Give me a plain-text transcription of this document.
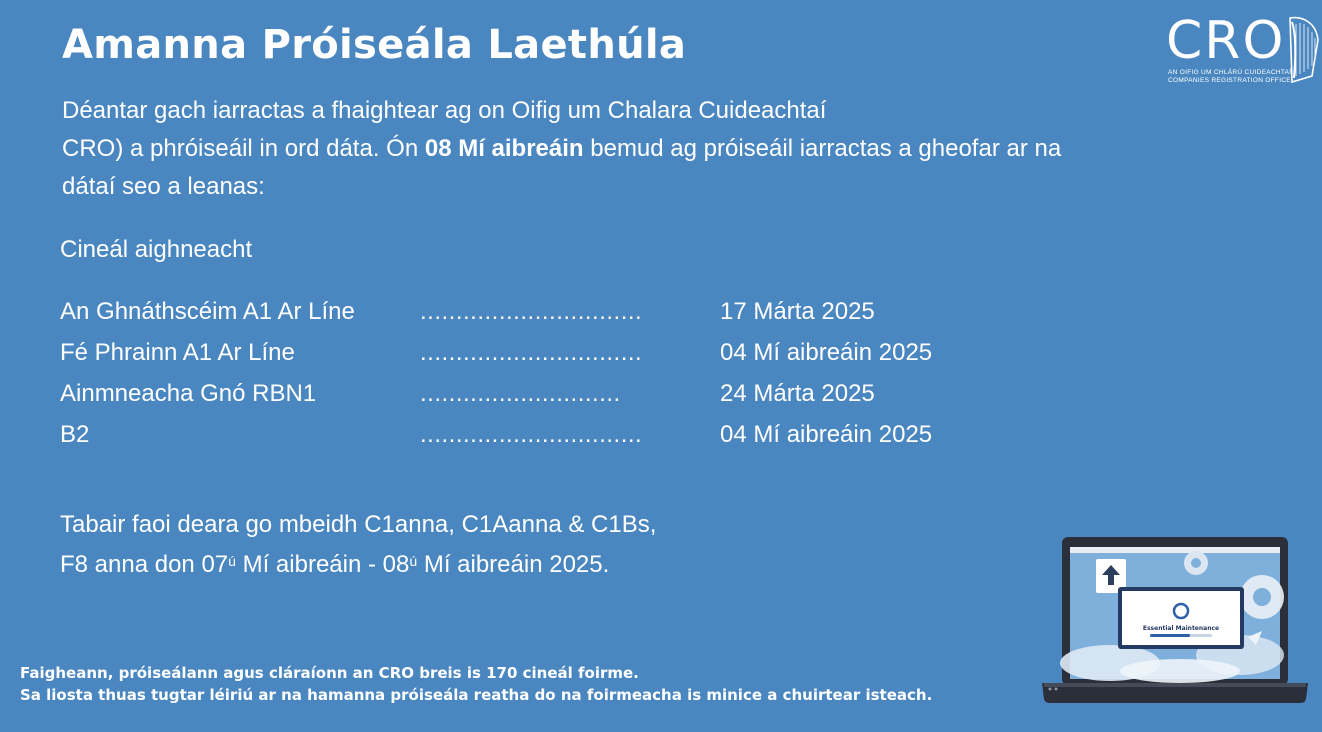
Amanna Próiseála Laethúla
Déantar gach iarractas a fhaightear ag on Oifig um Chalara Cuideachtaí
CRO) a phróiseáil in ord dáta. Ón 08 Mí aibreáin bemud ag próiseáil iarractas a gheofar ar na
dátaí seo a leanas:
Cineál aighneacht
An Ghnáthscéim A1 Ar Líne	...............................	17 Márta 2025
Fé Phrainn A1 Ar Líne	...............................	04 Mí aibreáin 2025
Ainmneacha Gnó RBN1	............................	24 Márta 2025
B2	...............................	04 Mí aibreáin 2025
Tabair faoi deara go mbeidh C1anna, C1Aanna & C1Bs,
F8 anna don $07^ú$ Mí aibreáin - $08^ú$ Mí aibreáin 2025.
Faigheann, próiseálann agus cláraíonn an CRO breis is 170 cineál foirme.
Sa liosta thuas tugtar léiriú ar na hamanna próiseála reatha do na foirmeacha is minice a chuirtear isteach.
CRO
AN OIFIG UM CHLÁRÚ CUIDEACHTAÍ
COMPANIES REGISTRATION OFFICE
Essential Maintenance
